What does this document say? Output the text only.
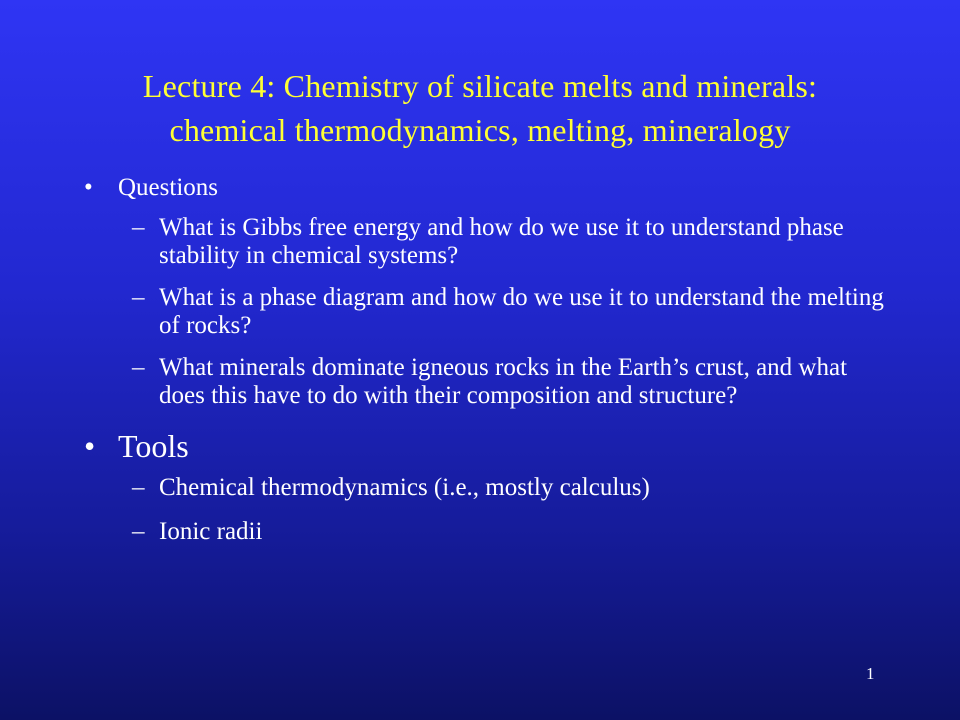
Lecture 4: Chemistry of silicate melts and minerals:
chemical thermodynamics, melting, mineralogy
• Questions
– What is Gibbs free energy and how do we use it to understand phase stability in chemical systems?
– What is a phase diagram and how do we use it to understand the melting of rocks?
– What minerals dominate igneous rocks in the Earth’s crust, and what does this have to do with their composition and structure?
• Tools
– Chemical thermodynamics (i.e., mostly calculus)
– Ionic radii
1
